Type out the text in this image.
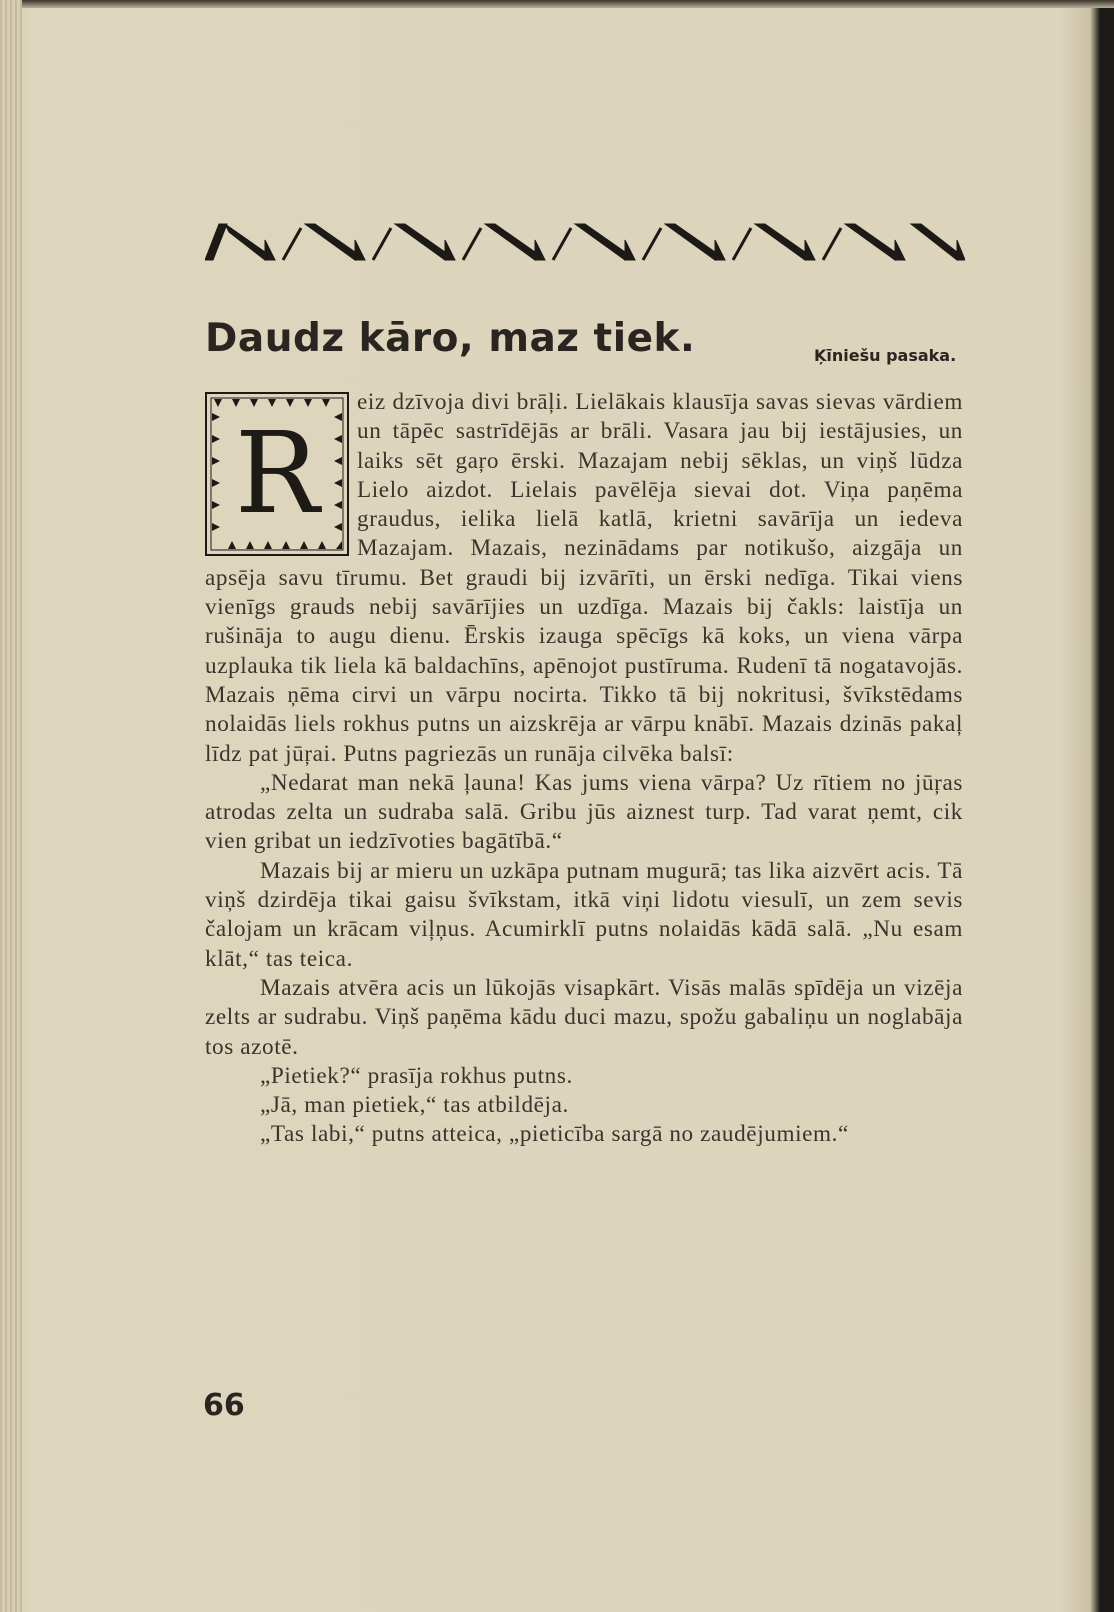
Daudz kāro, maz tiek.	Ķīniešu pasaka.
R

eiz dzīvoja divi brāļi. Lielākais klausīja savas sievas vārdiem un tāpēc sastrīdējās ar brāli. Vasara jau bij iestājusies, un laiks sēt gaŗo ērski. Mazajam nebij sēklas, un viņš lūdza Lielo aizdot. Lielais pavēlēja sievai dot. Viņa paņēma graudus, ielika lielā katlā, krietni savārīja un iedeva Mazajam. Mazais, nezinādams par notikušo, aizgāja un apsēja savu tīrumu. Bet graudi bij izvārīti, un ērski nedīga. Tikai viens vienīgs grauds nebij savārījies un uzdīga. Mazais bij čakls: laistīja un rušināja to augu dienu. Ērskis izauga spēcīgs kā koks, un viena vārpa uzplauka tik liela kā baldachīns, apēnojot pustīruma. Rudenī tā nogatavojās. Mazais ņēma cirvi un vārpu nocirta. Tikko tā bij nokritusi, švīkstēdams nolaidās liels rokhus putns un aizskrēja ar vārpu knābī. Mazais dzinās pakaļ līdz pat jūŗai. Putns pagriezās un runāja cilvēka balsī:

„Nedarat man nekā ļauna! Kas jums viena vārpa? Uz rītiem no jūŗas atrodas zelta un sudraba salā. Gribu jūs aiznest turp. Tad varat ņemt, cik vien gribat un iedzīvoties bagātībā.“

Mazais bij ar mieru un uzkāpa putnam mugurā; tas lika aizvērt acis. Tā viņš dzirdēja tikai gaisu švīkstam, itkā viņi lidotu viesulī, un zem sevis čalojam un krācam viļņus. Acumirklī putns nolaidās kādā salā. „Nu esam klāt,“ tas teica.

Mazais atvēra acis un lūkojās visapkārt. Visās malās spīdēja un vizēja zelts ar sudrabu. Viņš paņēma kādu duci mazu, spožu gabaliņu un noglabāja tos azotē.

„Pietiek?“ prasīja rokhus putns.

„Jā, man pietiek,“ tas atbildēja.

„Tas labi,“ putns atteica, „pieticība sargā no zaudējumiem.“

66
